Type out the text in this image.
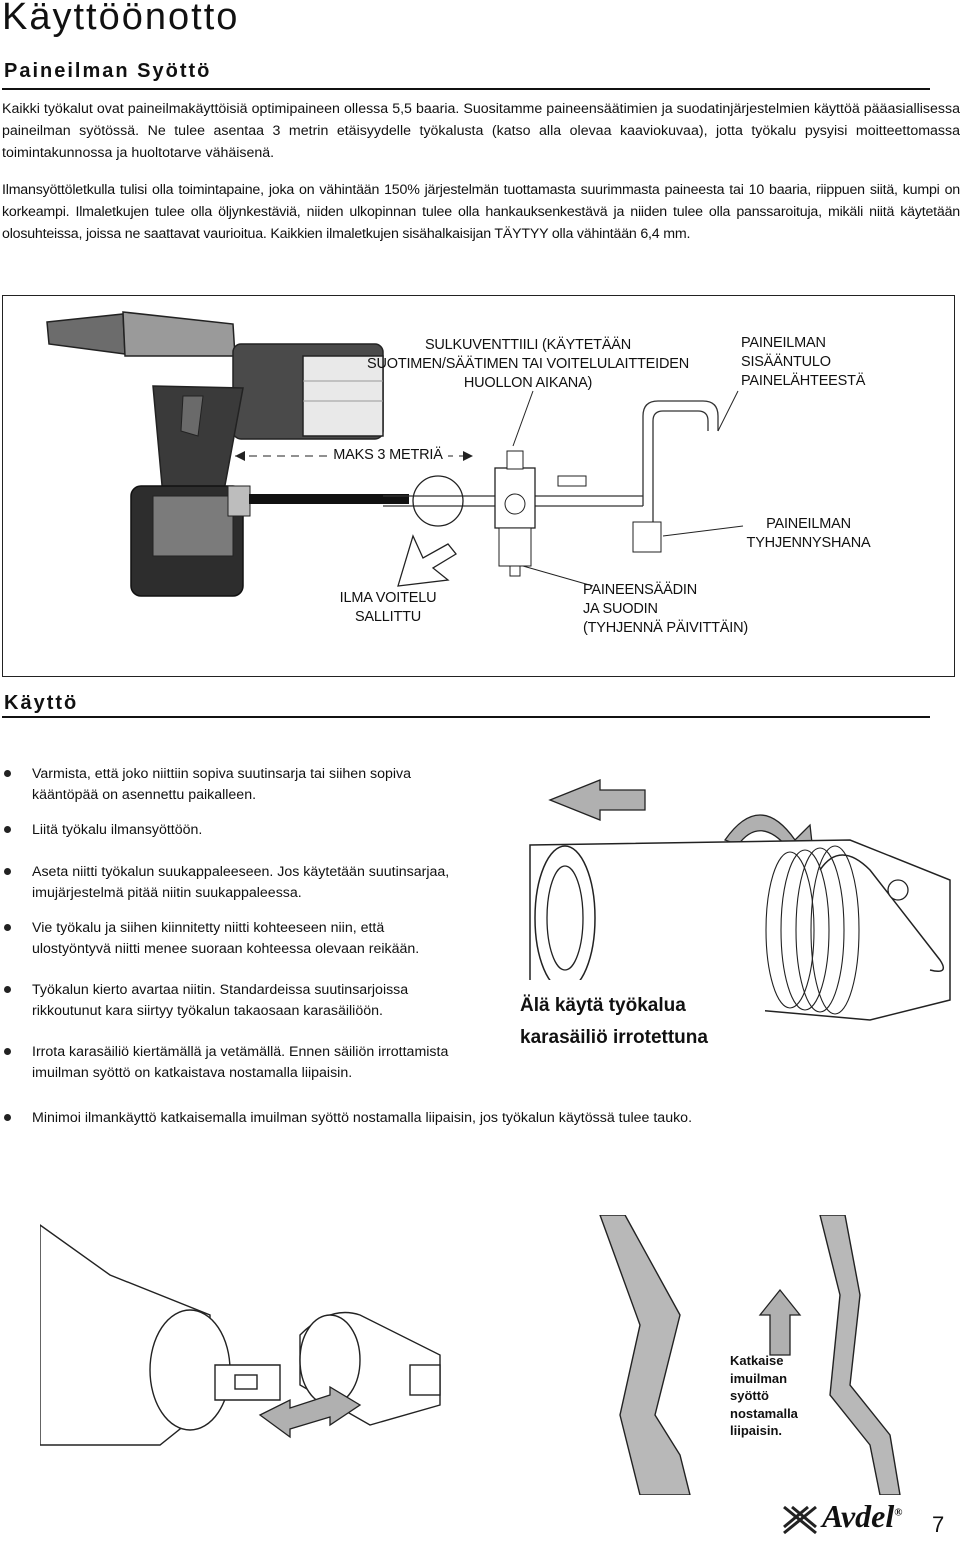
Käyttöönotto
Paineilman Syöttö

Kaikki työkalut ovat paineilmakäyttöisiä optimipaineen ollessa 5,5 baaria. Suositamme paineensäätimien ja suodatinjärjestelmien käyttöä pääasiallisessa paineilman syötössä. Ne tulee asentaa 3 metrin etäisyydelle työkalusta (katso alla olevaa kaaviokuvaa), jotta työkalu pysyisi moitteettomassa toimintakunnossa ja huoltotarve vähäisenä.

Ilmansyöttöletkulla tulisi olla toimintapaine, joka on vähintään 150% järjestelmän tuottamasta suurimmasta paineesta tai 10 baaria, riippuen siitä, kumpi on korkeampi. Ilmaletkujen tulee olla öljynkestäviä, niiden ulkopinnan tulee olla hankauksenkestävä ja niiden tulee olla panssaroituja, mikäli niitä käytetään olosuhteissa, joissa ne saattavat vaurioitua. Kaikkien ilmaletkujen sisähalkaisijan TÄYTYY olla vähintään 6,4 mm.

SULKUVENTTIILI (KÄYTETÄÄN
SUOTIMEN/SÄÄTIMEN TAI VOITELULAITTEIDEN
HUOLLON AIKANA)
PAINEILMAN
SISÄÄNTULO
PAINELÄHTEESTÄ
MAKS 3 METRIÄ
PAINEILMAN
TYHJENNYSHANA
ILMA VOITELU
SALLITTU
PAINEENSÄÄDIN
JA SUODIN
(TYHJENNÄ PÄIVITTÄIN)
Käyttö
Varmista, että joko niittiin sopiva suutinsarja tai siihen sopiva
kääntöpää on asennettu paikalleen.
Liitä työkalu ilmansyöttöön.
Aseta niitti työkalun suukappaleeseen. Jos käytetään suutinsarjaa,
imujärjestelmä pitää niitin suukappaleessa.
Vie työkalu ja siihen kiinnitetty niitti kohteeseen niin, että
ulostyöntyvä niitti menee suoraan kohteessa olevaan reikään.
Työkalun kierto avartaa niitin. Standardeissa suutinsarjoissa
rikkoutunut kara siirtyy työkalun takaosaan karasäiliöön.
Irrota karasäiliö kiertämällä ja vetämällä. Ennen säiliön irrottamista
imuilman syöttö on katkaistava nostamalla liipaisin.
Minimoi ilmankäyttö katkaisemalla imuilman syöttö nostamalla liipaisin, jos työkalun käytössä tulee tauko.
Älä käytä työkalua
karasäiliö irrotettuna
Katkaise
imuilman
syöttö
nostamalla
liipaisin.
Avdel® 7
